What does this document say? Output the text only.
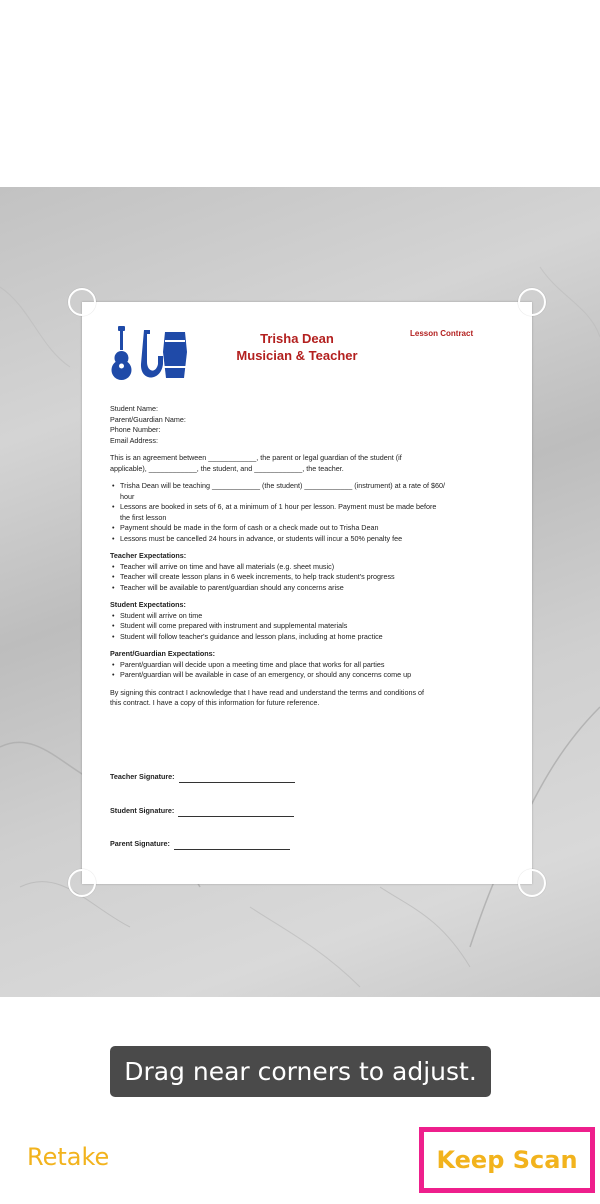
Trisha Dean
Musician & Teacher
Lesson Contract

Student Name:

Parent/Guardian Name:

Phone Number:

Email Address:

This is an agreement between ____________, the parent or legal guardian of the student (if

applicable), ____________, the student, and ____________, the teacher.

• Trisha Dean will be teaching ____________ (the student) ____________ (instrument) at a rate of $60/
hour
• Lessons are booked in sets of 6, at a minimum of 1 hour per lesson. Payment must be made before
the first lesson
• Payment should be made in the form of cash or a check made out to Trisha Dean
• Lessons must be cancelled 24 hours in advance, or students will incur a 50% penalty fee

Teacher Expectations:

• Teacher will arrive on time and have all materials (e.g. sheet music)
• Teacher will create lesson plans in 6 week increments, to help track student's progress
• Teacher will be available to parent/guardian should any concerns arise

Student Expectations:

• Student will arrive on time
• Student will come prepared with instrument and supplemental materials
• Student will follow teacher's guidance and lesson plans, including at home practice

Parent/Guardian Expectations:

• Parent/guardian will decide upon a meeting time and place that works for all parties
• Parent/guardian will be available in case of an emergency, or should any concerns come up

By signing this contract I acknowledge that I have read and understand the terms and conditions of

this contract. I have a copy of this information for future reference.

Teacher Signature:
Student Signature:
Parent Signature:
Drag near corners to adjust.
Retake	Keep Scan
